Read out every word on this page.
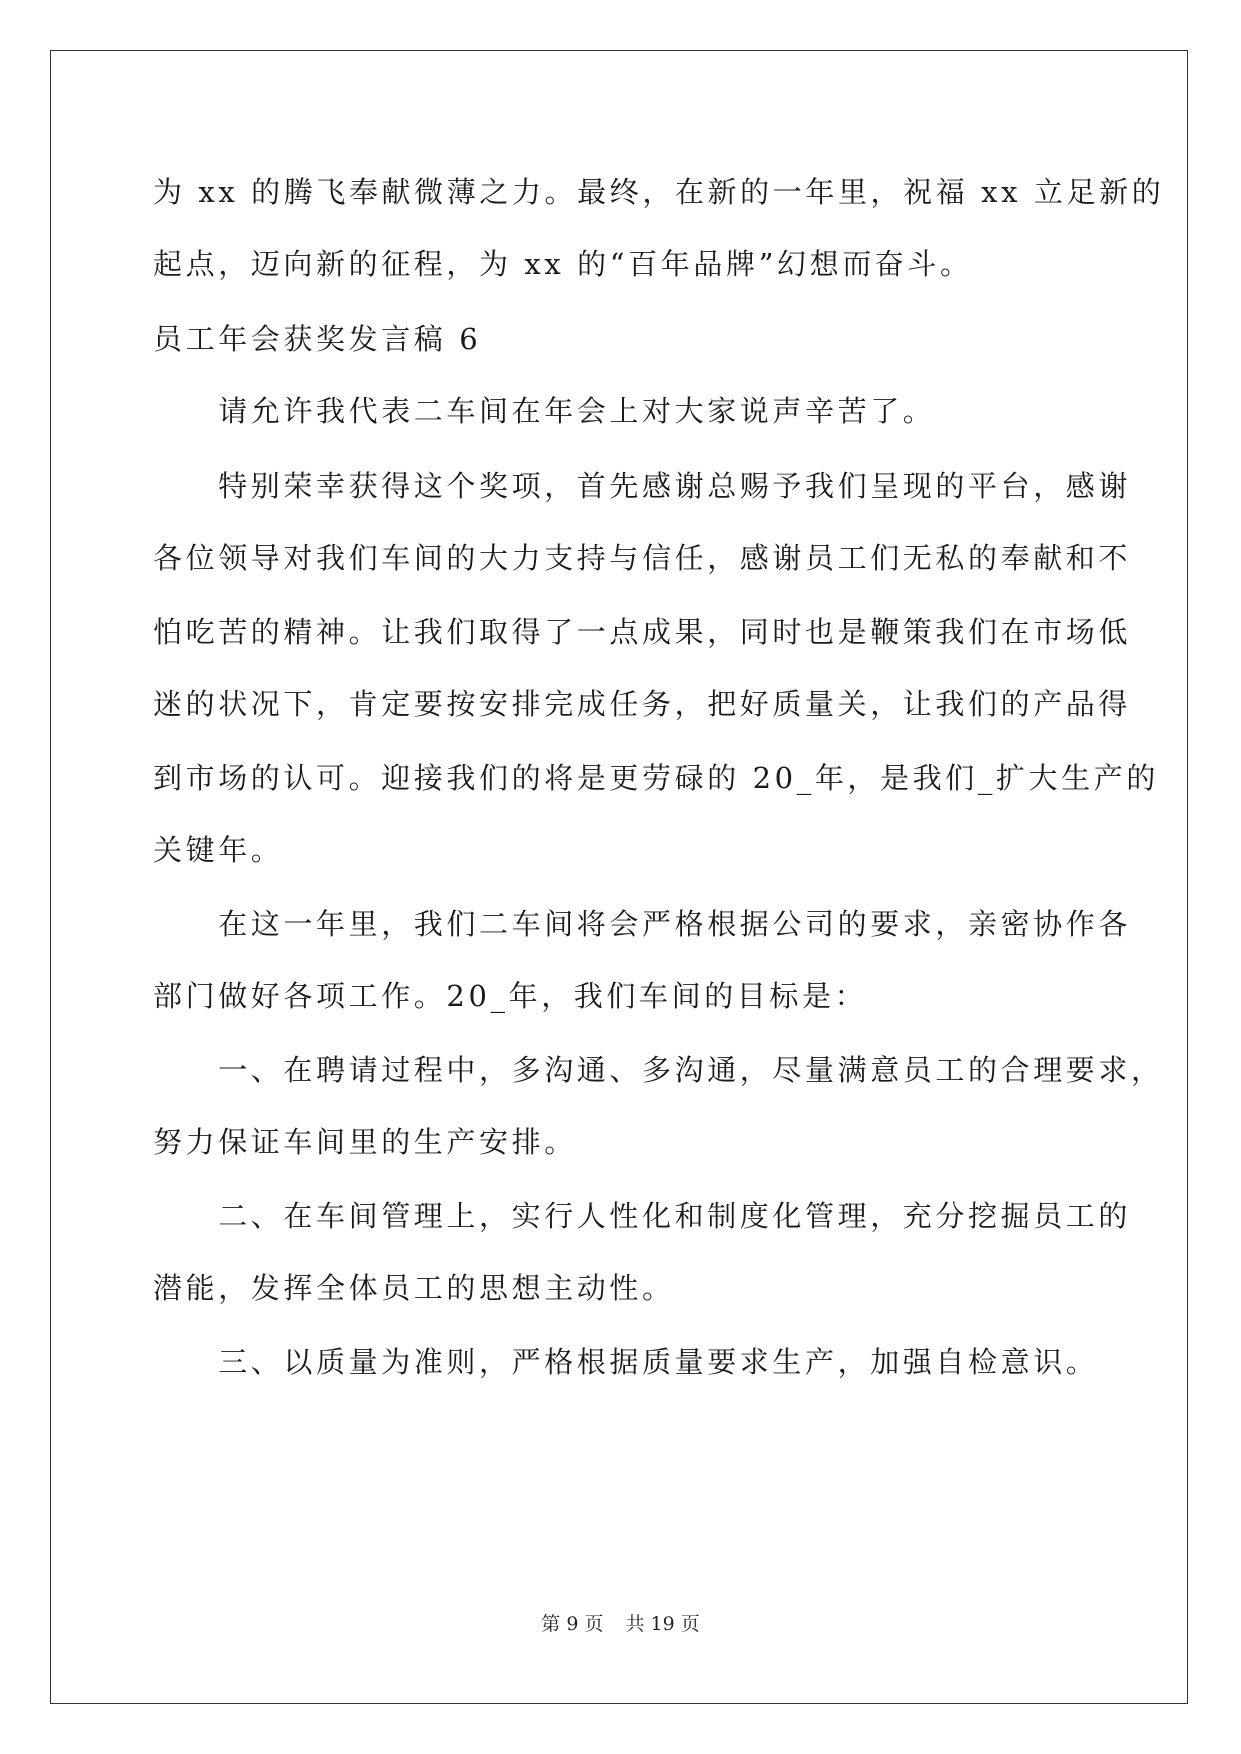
为 xx 的腾飞奉献微薄之力。最终，在新的一年里，祝福 xx 立足新的
起点，迈向新的征程，为 xx 的“百年品牌”幻想而奋斗。
员工年会获奖发言稿 6
　　请允许我代表二车间在年会上对大家说声辛苦了。
　　特别荣幸获得这个奖项，首先感谢总赐予我们呈现的平台，感谢
各位领导对我们车间的大力支持与信任，感谢员工们无私的奉献和不
怕吃苦的精神。让我们取得了一点成果，同时也是鞭策我们在市场低
迷的状况下，肯定要按安排完成任务，把好质量关，让我们的产品得
到市场的认可。迎接我们的将是更劳碌的 20_年，是我们_扩大生产的
关键年。
　　在这一年里，我们二车间将会严格根据公司的要求，亲密协作各
部门做好各项工作。20_年，我们车间的目标是：
　　一、在聘请过程中，多沟通、多沟通，尽量满意员工的合理要求，
努力保证车间里的生产安排。
　　二、在车间管理上，实行人性化和制度化管理，充分挖掘员工的
潜能，发挥全体员工的思想主动性。
　　三、以质量为准则，严格根据质量要求生产，加强自检意识。
第 9 页 共 19 页
